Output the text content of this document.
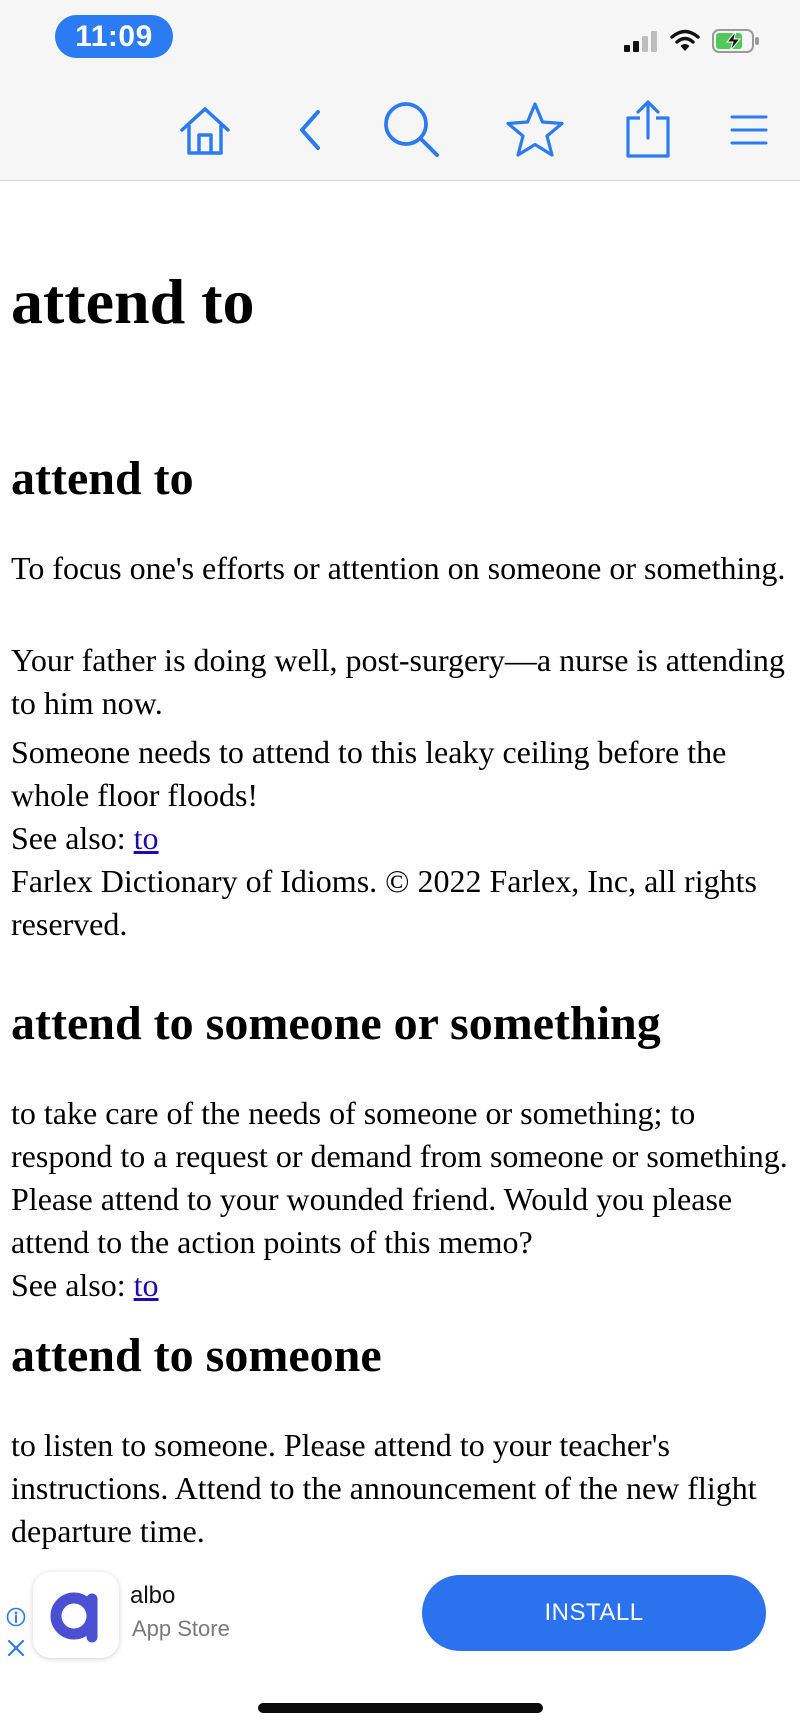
11:09
attend to
attend to

To focus one's efforts or attention on someone or something.

Your father is doing well, post-surgery—a nurse is attending to him now.

Someone needs to attend to this leaky ceiling before the whole floor floods!

See also: to

Farlex Dictionary of Idioms. © 2022 Farlex, Inc, all rights reserved.

attend to someone or something

to take care of the needs of someone or something; to respond to a request or demand from someone or something. Please attend to your wounded friend. Would you please attend to the action points of this memo?

See also: to

attend to someone

to listen to someone. Please attend to your teacher's instructions. Attend to the announcement of the new flight departure time.

albo
App Store
INSTALL
